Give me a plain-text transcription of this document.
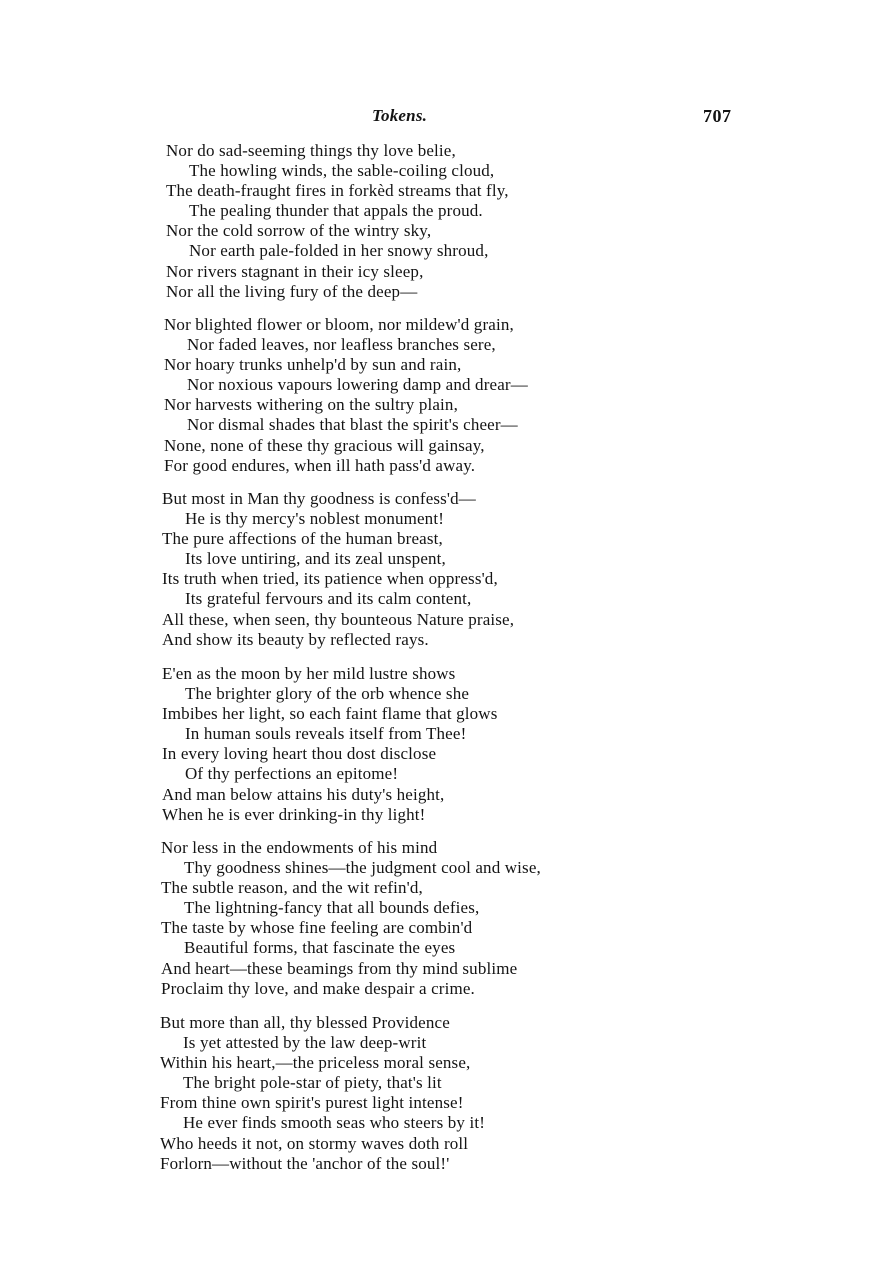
Tokens.	707
Nor do sad-seeming things thy love belie,
The howling winds, the sable-coiling cloud,
The death-fraught fires in forkèd streams that fly,
The pealing thunder that appals the proud.
Nor the cold sorrow of the wintry sky,
Nor earth pale-folded in her snowy shroud,
Nor rivers stagnant in their icy sleep,
Nor all the living fury of the deep—
Nor blighted flower or bloom, nor mildew'd grain,
Nor faded leaves, nor leafless branches sere,
Nor hoary trunks unhelp'd by sun and rain,
Nor noxious vapours lowering damp and drear—
Nor harvests withering on the sultry plain,
Nor dismal shades that blast the spirit's cheer—
None, none of these thy gracious will gainsay,
For good endures, when ill hath pass'd away.
But most in Man thy goodness is confess'd—
He is thy mercy's noblest monument!
The pure affections of the human breast,
Its love untiring, and its zeal unspent,
Its truth when tried, its patience when oppress'd,
Its grateful fervours and its calm content,
All these, when seen, thy bounteous Nature praise,
And show its beauty by reflected rays.
E'en as the moon by her mild lustre shows
The brighter glory of the orb whence she
Imbibes her light, so each faint flame that glows
In human souls reveals itself from Thee!
In every loving heart thou dost disclose
Of thy perfections an epitome!
And man below attains his duty's height,
When he is ever drinking-in thy light!
Nor less in the endowments of his mind
Thy goodness shines—the judgment cool and wise,
The subtle reason, and the wit refin'd,
The lightning-fancy that all bounds defies,
The taste by whose fine feeling are combin'd
Beautiful forms, that fascinate the eyes
And heart—these beamings from thy mind sublime
Proclaim thy love, and make despair a crime.
But more than all, thy blessed Providence
Is yet attested by the law deep-writ
Within his heart,—the priceless moral sense,
The bright pole-star of piety, that's lit
From thine own spirit's purest light intense!
He ever finds smooth seas who steers by it!
Who heeds it not, on stormy waves doth roll
Forlorn—without the 'anchor of the soul!'
